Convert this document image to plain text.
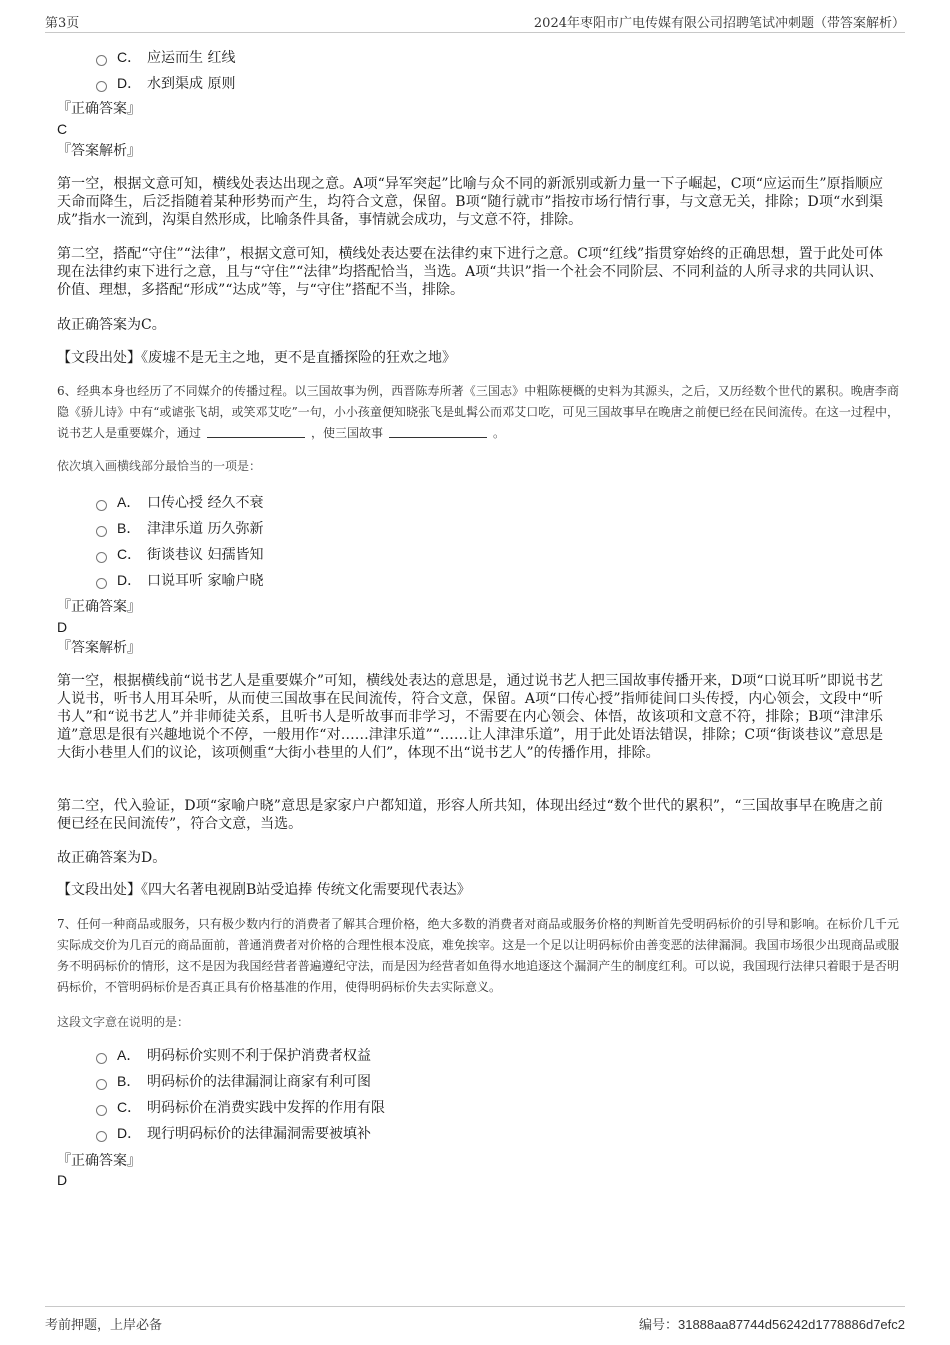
第3页	2024年枣阳市广电传媒有限公司招聘笔试冲刺题（带答案解析）
C． 应运而生 红线
D． 水到渠成 原则
『正确答案』
C
『答案解析』
第一空，根据文意可知，横线处表达出现之意。A项“异军突起”比喻与众不同的新派别或新力量一下子崛起，C项“应运而生”原指顺应天命而降生，后泛指随着某种形势而产生，均符合文意，保留。B项“随行就市”指按市场行情行事，与文意无关，排除；D项“水到渠成”指水一流到，沟渠自然形成，比喻条件具备，事情就会成功，与文意不符，排除。
第二空，搭配“守住”“法律”，根据文意可知，横线处表达要在法律约束下进行之意。C项“红线”指贯穿始终的正确思想，置于此处可体现在法律约束下进行之意，且与“守住”“法律”均搭配恰当，当选。A项“共识”指一个社会不同阶层、不同利益的人所寻求的共同认识、价值、理想，多搭配“形成”“达成”等，与“守住”搭配不当，排除。
故正确答案为C。
【文段出处】《废墟不是无主之地，更不是直播探险的狂欢之地》
6、经典本身也经历了不同媒介的传播过程。以三国故事为例，西晋陈寿所著《三国志》中粗陈梗概的史料为其源头，之后，又历经数个世代的累积。晚唐李商隐《骄儿诗》中有“或谑张飞胡，或笑邓艾吃”一句，小小孩童便知晓张飞是虬髯公而邓艾口吃，可见三国故事早在晚唐之前便已经在民间流传。在这一过程中，说书艺人是重要媒介，通过	，使三国故事	。
依次填入画横线部分最恰当的一项是：
A． 口传心授 经久不衰
B． 津津乐道 历久弥新
C． 街谈巷议 妇孺皆知
D． 口说耳听 家喻户晓
『正确答案』
D
『答案解析』
第一空，根据横线前“说书艺人是重要媒介”可知，横线处表达的意思是，通过说书艺人把三国故事传播开来，D项“口说耳听”即说书艺人说书，听书人用耳朵听，从而使三国故事在民间流传，符合文意，保留。A项“口传心授”指师徒间口头传授，内心领会，文段中“听书人”和“说书艺人”并非师徒关系，且听书人是听故事而非学习，不需要在内心领会、体悟，故该项和文意不符，排除；B项“津津乐道”意思是很有兴趣地说个不停，一般用作“对……津津乐道”“……让人津津乐道”，用于此处语法错误，排除；C项“街谈巷议”意思是大街小巷里人们的议论，该项侧重“大街小巷里的人们”，体现不出“说书艺人”的传播作用，排除。
第二空，代入验证，D项“家喻户晓”意思是家家户户都知道，形容人所共知，体现出经过“数个世代的累积”，“三国故事早在晚唐之前便已经在民间流传”，符合文意，当选。
故正确答案为D。
【文段出处】《四大名著电视剧B站受追捧 传统文化需要现代表达》
7、任何一种商品或服务，只有极少数内行的消费者了解其合理价格，绝大多数的消费者对商品或服务价格的判断首先受明码标价的引导和影响。在标价几千元实际成交价为几百元的商品面前，普通消费者对价格的合理性根本没底，难免挨宰。这是一个足以让明码标价由善变恶的法律漏洞。我国市场很少出现商品或服务不明码标价的情形，这不是因为我国经营者普遍遵纪守法，而是因为经营者如鱼得水地追逐这个漏洞产生的制度红利。可以说，我国现行法律只着眼于是否明码标价，不管明码标价是否真正具有价格基准的作用，使得明码标价失去实际意义。
这段文字意在说明的是：
A． 明码标价实则不利于保护消费者权益
B． 明码标价的法律漏洞让商家有利可图
C． 明码标价在消费实践中发挥的作用有限
D． 现行明码标价的法律漏洞需要被填补
『正确答案』
D
考前押题，上岸必备	编号：31888aa87744d56242d1778886d7efc2
